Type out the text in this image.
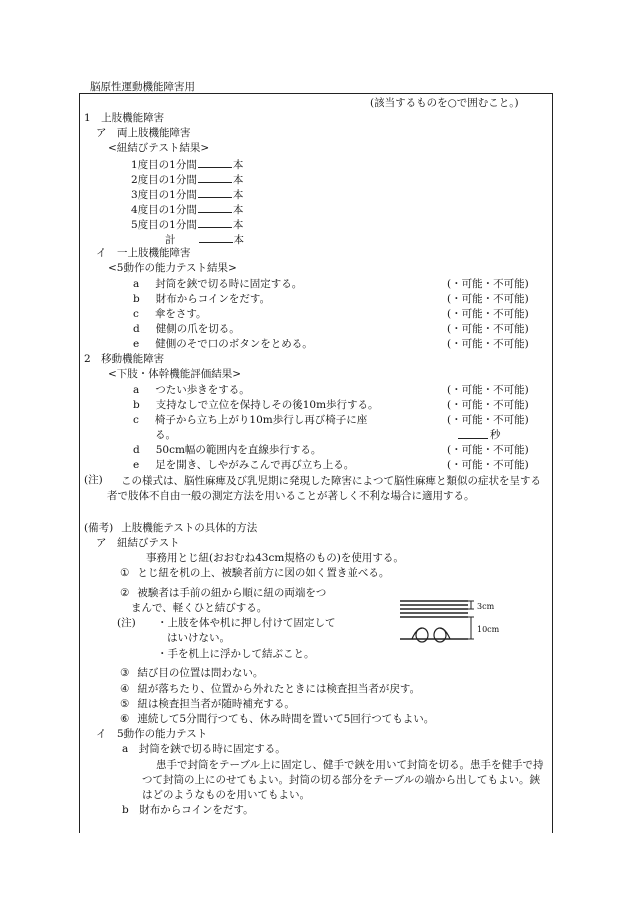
脳原性運動機能障害用
(該当するものを○で囲むこと。)
1　上肢機能障害
ア　両上肢機能障害
<紐結びテスト結果>
1度目の1分間	本
2度目の1分間	本
3度目の1分間	本
4度目の1分間	本
5度目の1分間	本
計	本
イ　一上肢機能障害
<5動作の能力テスト結果>
a 封筒を鋏で切る時に固定する。	(・可能・不可能)
b 財布からコインをだす。	(・可能・不可能)
c 傘をさす。	(・可能・不可能)
d 健側の爪を切る。	(・可能・不可能)
e 健側のそで口のボタンをとめる。	(・可能・不可能)
2　移動機能障害
<下肢・体幹機能評価結果>
a つたい歩きをする。	(・可能・不可能)
b 支持なしで立位を保持しその後10m歩行する。	(・可能・不可能)
c 椅子から立ち上がり10m歩行し再び椅子に座	(・可能・不可能)
る。	秒
d 50cm幅の範囲内を直線歩行する。	(・可能・不可能)
e 足を開き、しやがみこんで再び立ち上る。	(・可能・不可能)
(注)	この様式は、脳性麻痺及び乳児期に発現した障害によつて脳性麻痺と類似の症状を呈する者で肢体不自由一般の測定方法を用いることが著しく不利な場合に適用する。
(備考) 上肢機能テストの具体的方法
ア　紐結びテスト
事務用とじ紐(おおむね43cm規格のもの)を使用する。
① とじ紐を机の上、被験者前方に図の如く置き並べる。
② 被験者は手前の紐から順に紐の両端をつ
まんで、軽くひと結びする。
(注) ・上肢を体や机に押し付けて固定して
はいけない。
・手を机上に浮かして結ぶこと。
3cm
10cm
③ 結び目の位置は問わない。
④ 紐が落ちたり、位置から外れたときには検査担当者が戻す。
⑤ 紐は検査担当者が随時補充する。
⑥ 連続して5分間行つても、休み時間を置いて5回行つてもよい。
イ　5動作の能力テスト
a　封筒を鋏で切る時に固定する。
患手で封筒をテーブル上に固定し、健手で鋏を用いて封筒を切る。患手を健手で持つて封筒の上にのせてもよい。封筒の切る部分をテーブルの端から出してもよい。鋏はどのようなものを用いてもよい。
b　財布からコインをだす。
